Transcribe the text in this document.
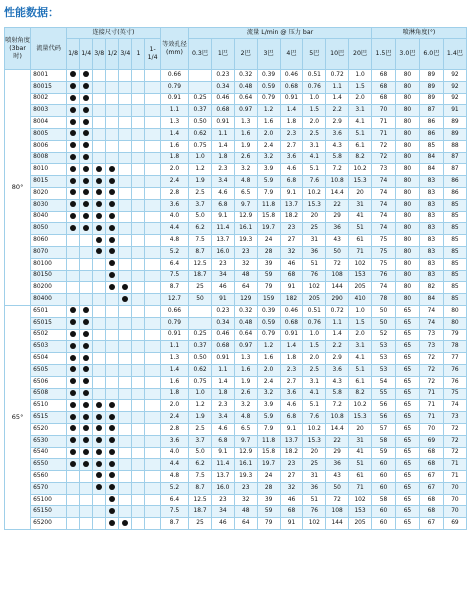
性能数据：
喷射角度(3bar时)	流量代码	连接尺寸(英寸)							等效孔径(mm)	流量 L/min @ 压力 bar								喷淋角度(°)			
		1/8	1/4	3/8	1/2	3/4	1	1-1/4		0.3巴	1巴	2巴	3巴	4巴	5巴	10巴	20巴	1.5巴	3.0巴	6.0巴	1.4巴
80°	8001								0.66		0.23	0.32	0.39	0.46	0.51	0.72	1.0	68	80	89	92
	80015								0.79		0.34	0.48	0.59	0.68	0.76	1.1	1.5	68	80	89	92
	8002								0.91	0.25	0.46	0.64	0.79	0.91	1.0	1.4	2.0	68	80	89	92
	8003								1.1	0.37	0.68	0.97	1.2	1.4	1.5	2.2	3.1	70	80	87	91
	8004								1.3	0.50	0.91	1.3	1.6	1.8	2.0	2.9	4.1	71	80	86	89
	8005								1.4	0.62	1.1	1.6	2.0	2.3	2.5	3.6	5.1	71	80	86	89
	8006								1.6	0.75	1.4	1.9	2.4	2.7	3.1	4.3	6.1	72	80	85	88
	8008								1.8	1.0	1.8	2.6	3.2	3.6	4.1	5.8	8.2	72	80	84	87
	8010								2.0	1.2	2.3	3.2	3.9	4.6	5.1	7.2	10.2	73	80	84	87
	8015								2.4	1.9	3.4	4.8	5.9	6.8	7.6	10.8	15.3	74	80	83	86
	8020								2.8	2.5	4.6	6.5	7.9	9.1	10.2	14.4	20	74	80	83	86
	8030								3.6	3.7	6.8	9.7	11.8	13.7	15.3	22	31	74	80	83	85
	8040								4.0	5.0	9.1	12.9	15.8	18.2	20	29	41	74	80	83	85
	8050								4.4	6.2	11.4	16.1	19.7	23	25	36	51	74	80	83	85
	8060								4.8	7.5	13.7	19.3	24	27	31	43	61	75	80	83	85
	8070								5.2	8.7	16.0	23	28	32	36	50	71	75	80	83	85
	80100								6.4	12.5	23	32	39	46	51	72	102	75	80	83	85
	80150								7.5	18.7	34	48	59	68	76	108	153	76	80	83	85
	80200								8.7	25	46	64	79	91	102	144	205	74	80	82	85
	80400								12.7	50	91	129	159	182	205	290	410	78	80	84	85
65°	6501								0.66		0.23	0.32	0.39	0.46	0.51	0.72	1.0	50	65	74	80
	65015								0.79		0.34	0.48	0.59	0.68	0.76	1.1	1.5	50	65	74	80
	6502								0.91	0.25	0.46	0.64	0.79	0.91	1.0	1.4	2.0	52	65	73	79
	6503								1.1	0.37	0.68	0.97	1.2	1.4	1.5	2.2	3.1	53	65	73	78
	6504								1.3	0.50	0.91	1.3	1.6	1.8	2.0	2.9	4.1	53	65	72	77
	6505								1.4	0.62	1.1	1.6	2.0	2.3	2.5	3.6	5.1	53	65	72	76
	6506								1.6	0.75	1.4	1.9	2.4	2.7	3.1	4.3	6.1	54	65	72	76
	6508								1.8	1.0	1.8	2.6	3.2	3.6	4.1	5.8	8.2	55	65	71	75
	6510								2.0	1.2	2.3	3.2	3.9	4.6	5.1	7.2	10.2	56	65	71	74
	6515								2.4	1.9	3.4	4.8	5.9	6.8	7.6	10.8	15.3	56	65	71	73
	6520								2.8	2.5	4.6	6.5	7.9	9.1	10.2	14.4	20	57	65	70	72
	6530								3.6	3.7	6.8	9.7	11.8	13.7	15.3	22	31	58	65	69	72
	6540								4.0	5.0	9.1	12.9	15.8	18.2	20	29	41	59	65	68	72
	6550								4.4	6.2	11.4	16.1	19.7	23	25	36	51	60	65	68	71
	6560								4.8	7.5	13.7	19.3	24	27	31	43	61	60	65	67	71
	6570								5.2	8.7	16.0	23	28	32	36	50	71	60	65	67	70
	65100								6.4	12.5	23	32	39	46	51	72	102	58	65	68	70
	65150								7.5	18.7	34	48	59	68	76	108	153	60	65	68	70
	65200								8.7	25	46	64	79	91	102	144	205	60	65	67	69
